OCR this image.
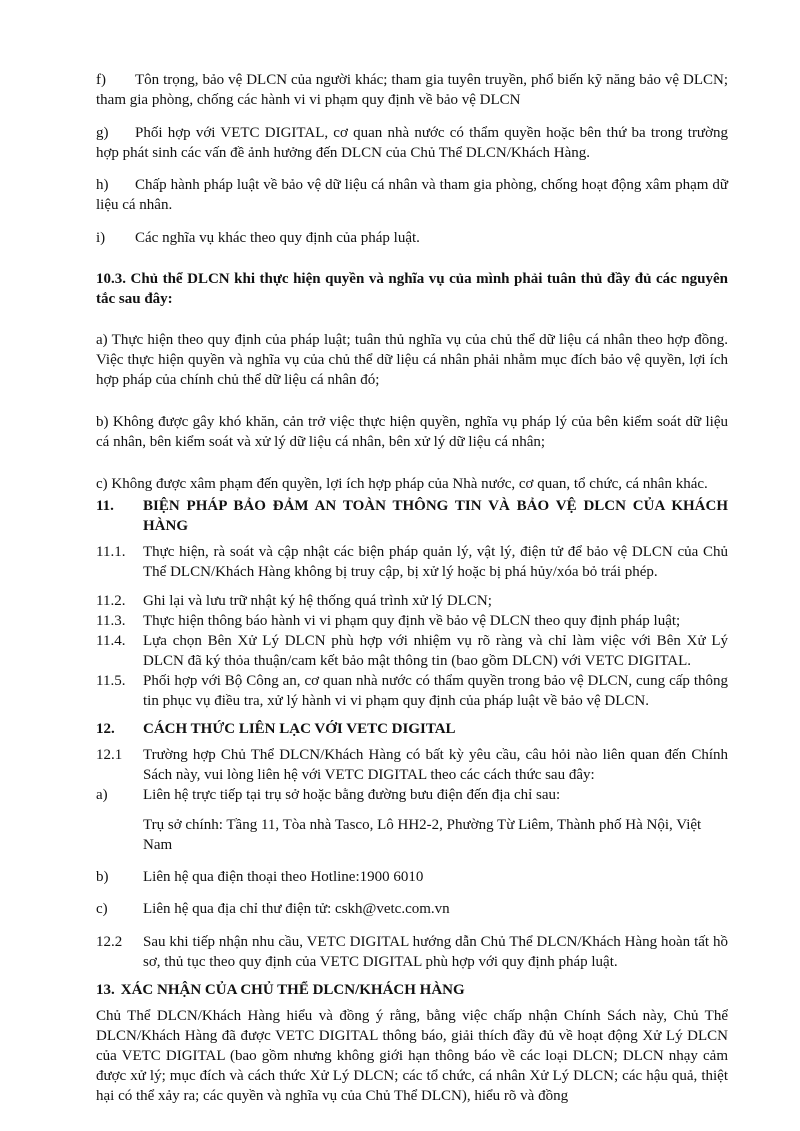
f) Tôn trọng, bảo vệ DLCN của người khác; tham gia tuyên truyền, phổ biến kỹ năng bảo vệ DLCN; tham gia phòng, chống các hành vi vi phạm quy định về bảo vệ DLCN

g) Phối hợp với VETC DIGITAL, cơ quan nhà nước có thẩm quyền hoặc bên thứ ba trong trường hợp phát sinh các vấn đề ảnh hưởng đến DLCN của Chủ Thể DLCN/Khách Hàng.

h) Chấp hành pháp luật về bảo vệ dữ liệu cá nhân và tham gia phòng, chống hoạt động xâm phạm dữ liệu cá nhân.

i) Các nghĩa vụ khác theo quy định của pháp luật.

10.3. Chủ thể DLCN khi thực hiện quyền và nghĩa vụ của mình phải tuân thủ đầy đủ các nguyên tắc sau đây:

a) Thực hiện theo quy định của pháp luật; tuân thủ nghĩa vụ của chủ thể dữ liệu cá nhân theo hợp đồng. Việc thực hiện quyền và nghĩa vụ của chủ thể dữ liệu cá nhân phải nhằm mục đích bảo vệ quyền, lợi ích hợp pháp của chính chủ thể dữ liệu cá nhân đó;

b) Không được gây khó khăn, cản trở việc thực hiện quyền, nghĩa vụ pháp lý của bên kiểm soát dữ liệu cá nhân, bên kiểm soát và xử lý dữ liệu cá nhân, bên xử lý dữ liệu cá nhân;

c) Không được xâm phạm đến quyền, lợi ích hợp pháp của Nhà nước, cơ quan, tổ chức, cá nhân khác.

11.	BIỆN PHÁP BẢO ĐẢM AN TOÀN THÔNG TIN VÀ BẢO VỆ DLCN CỦA KHÁCH HÀNG
11.1.	Thực hiện, rà soát và cập nhật các biện pháp quản lý, vật lý, điện tử để bảo vệ DLCN của Chủ Thể DLCN/Khách Hàng không bị truy cập, bị xử lý hoặc bị phá hủy/xóa bỏ trái phép.
11.2.	Ghi lại và lưu trữ nhật ký hệ thống quá trình xử lý DLCN;
11.3.	Thực hiện thông báo hành vi vi phạm quy định về bảo vệ DLCN theo quy định pháp luật;
11.4.	Lựa chọn Bên Xử Lý DLCN phù hợp với nhiệm vụ rõ ràng và chỉ làm việc với Bên Xử Lý DLCN đã ký thỏa thuận/cam kết bảo mật thông tin (bao gồm DLCN) với VETC DIGITAL.
11.5.	Phối hợp với Bộ Công an, cơ quan nhà nước có thẩm quyền trong bảo vệ DLCN, cung cấp thông tin phục vụ điều tra, xử lý hành vi vi phạm quy định của pháp luật về bảo vệ DLCN.
12.	CÁCH THỨC LIÊN LẠC VỚI VETC DIGITAL
12.1	Trường hợp Chủ Thể DLCN/Khách Hàng có bất kỳ yêu cầu, câu hỏi nào liên quan đến Chính Sách này, vui lòng liên hệ với VETC DIGITAL theo các cách thức sau đây:
a)	Liên hệ trực tiếp tại trụ sở hoặc bằng đường bưu điện đến địa chỉ sau:

Trụ sở chính: Tầng 11, Tòa nhà Tasco, Lô HH2-2, Phường Từ Liêm, Thành phố Hà Nội, Việt Nam

b)	Liên hệ qua điện thoại theo Hotline:1900 6010
c)	Liên hệ qua địa chỉ thư điện tử: cskh@vetc.com.vn
12.2	Sau khi tiếp nhận nhu cầu, VETC DIGITAL hướng dẫn Chủ Thể DLCN/Khách Hàng hoàn tất hồ sơ, thủ tục theo quy định của VETC DIGITAL phù hợp với quy định pháp luật.
13. XÁC NHẬN CỦA CHỦ THỂ DLCN/KHÁCH HÀNG

Chủ Thể DLCN/Khách Hàng hiểu và đồng ý rằng, bằng việc chấp nhận Chính Sách này, Chủ Thể DLCN/Khách Hàng đã được VETC DIGITAL thông báo, giải thích đầy đủ về hoạt động Xử Lý DLCN của VETC DIGITAL (bao gồm nhưng không giới hạn thông báo về các loại DLCN; DLCN nhạy cảm được xử lý; mục đích và cách thức Xử Lý DLCN; các tổ chức, cá nhân Xử Lý DLCN; các hậu quả, thiệt hại có thể xảy ra; các quyền và nghĩa vụ của Chủ Thể DLCN), hiểu rõ và đồng
